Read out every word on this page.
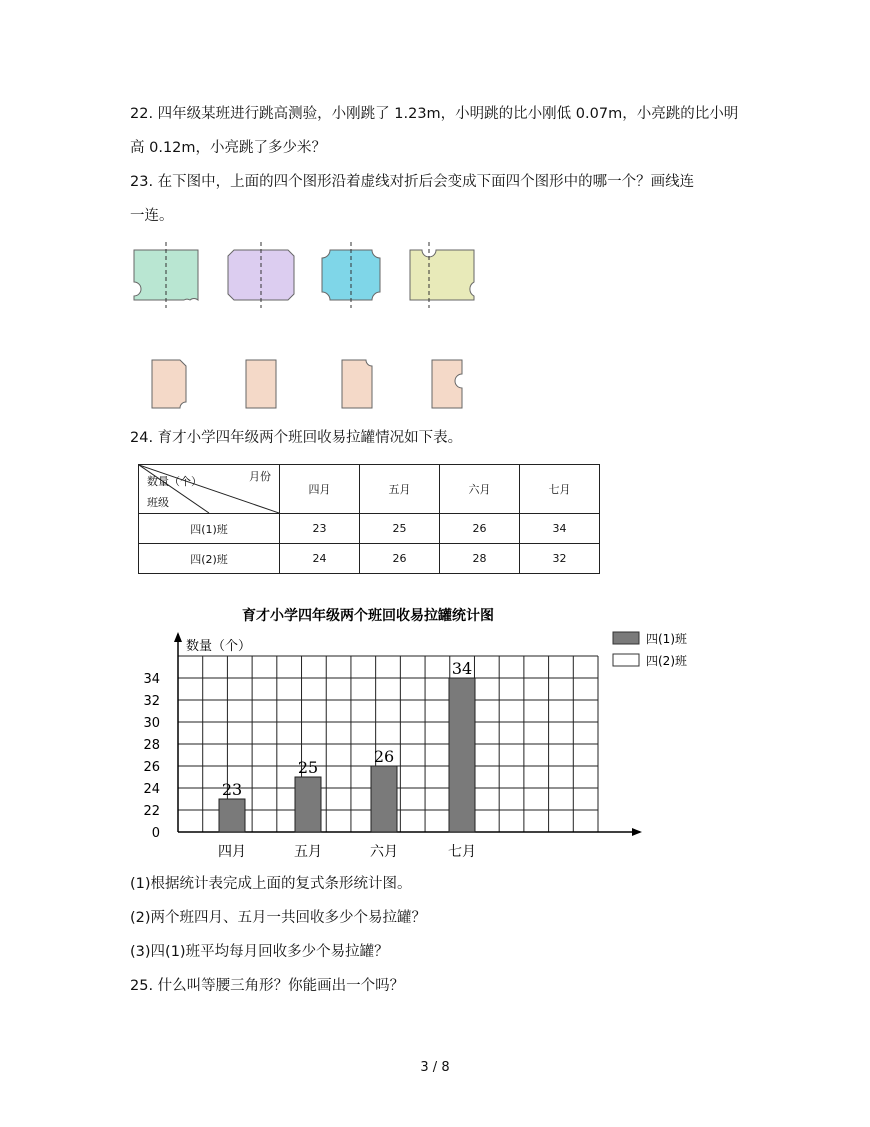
22. 四年级某班进行跳高测验，小刚跳了 1.23m，小明跳的比小刚低 0.07m，小亮跳的比小明
高 0.12m，小亮跳了多少米？
23. 在下图中，上面的四个图形沿着虚线对折后会变成下面四个图形中的哪一个？画线连
一连。
24. 育才小学四年级两个班回收易拉罐情况如下表。
数量（个） 月份
班级	四月	五月	六月	七月
四(1)班	23	25	26	34
四(2)班	24	26	28	32
育才小学四年级两个班回收易拉罐统计图
数量（个）
23
25
26
34
0
22
24
26
28
30
32
34
四月	五月	六月	七月
四(1)班
四(2)班
(1)根据统计表完成上面的复式条形统计图。
(2)两个班四月、五月一共回收多少个易拉罐？
(3)四(1)班平均每月回收多少个易拉罐？
25. 什么叫等腰三角形？你能画出一个吗？
3 / 8
